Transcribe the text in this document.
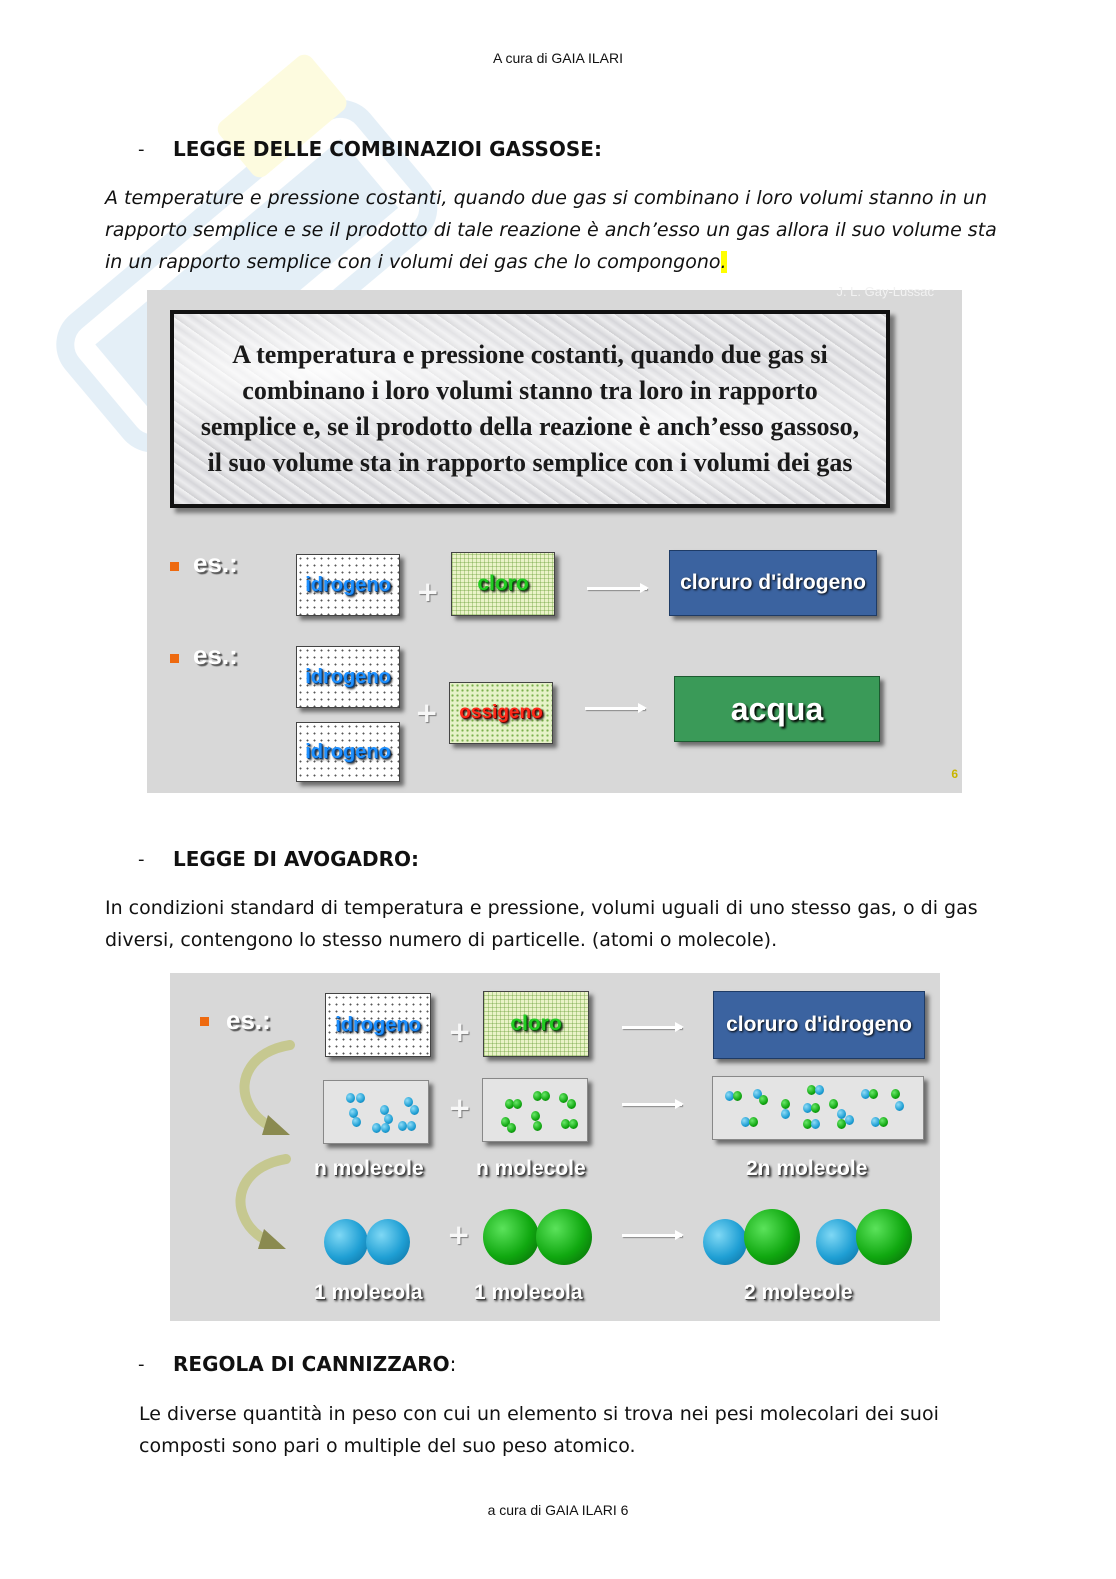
A cura di GAIA ILARI
- LEGGE DELLE COMBINAZIOI GASSOSE:
A temperature e pressione costanti, quando due gas si combinano i loro volumi stanno in un rapporto semplice e se il prodotto di tale reazione è anch’esso un gas allora il suo volume sta in un rapporto semplice con i volumi dei gas che lo compongono.
J. L. Gay-Lussac
A temperatura e pressione costanti, quando due gas si combinano i loro volumi stanno tra loro in rapporto semplice e, se il prodotto della reazione è anch’esso gassoso, il suo volume sta in rapporto semplice con i volumi dei gas
es.:
idrogeno + cloro	cloruro d'idrogeno
es.:
idrogeno
idrogeno
+ ossigeno	acqua
6
- LEGGE DI AVOGADRO:
In condizioni standard di temperatura e pressione, volumi uguali di uno stesso gas, o di gas diversi, contengono lo stesso numero di particelle. (atomi o molecole).
es.:	idrogeno + cloro	cloruro d'idrogeno
+
n molecole n molecole	2n molecole
+
1 molecola 1 molecola	2 molecole
- REGOLA DI CANNIZZARO:
Le diverse quantità in peso con cui un elemento si trova nei pesi molecolari dei suoi composti sono pari o multiple del suo peso atomico.
a cura di GAIA ILARI 6
